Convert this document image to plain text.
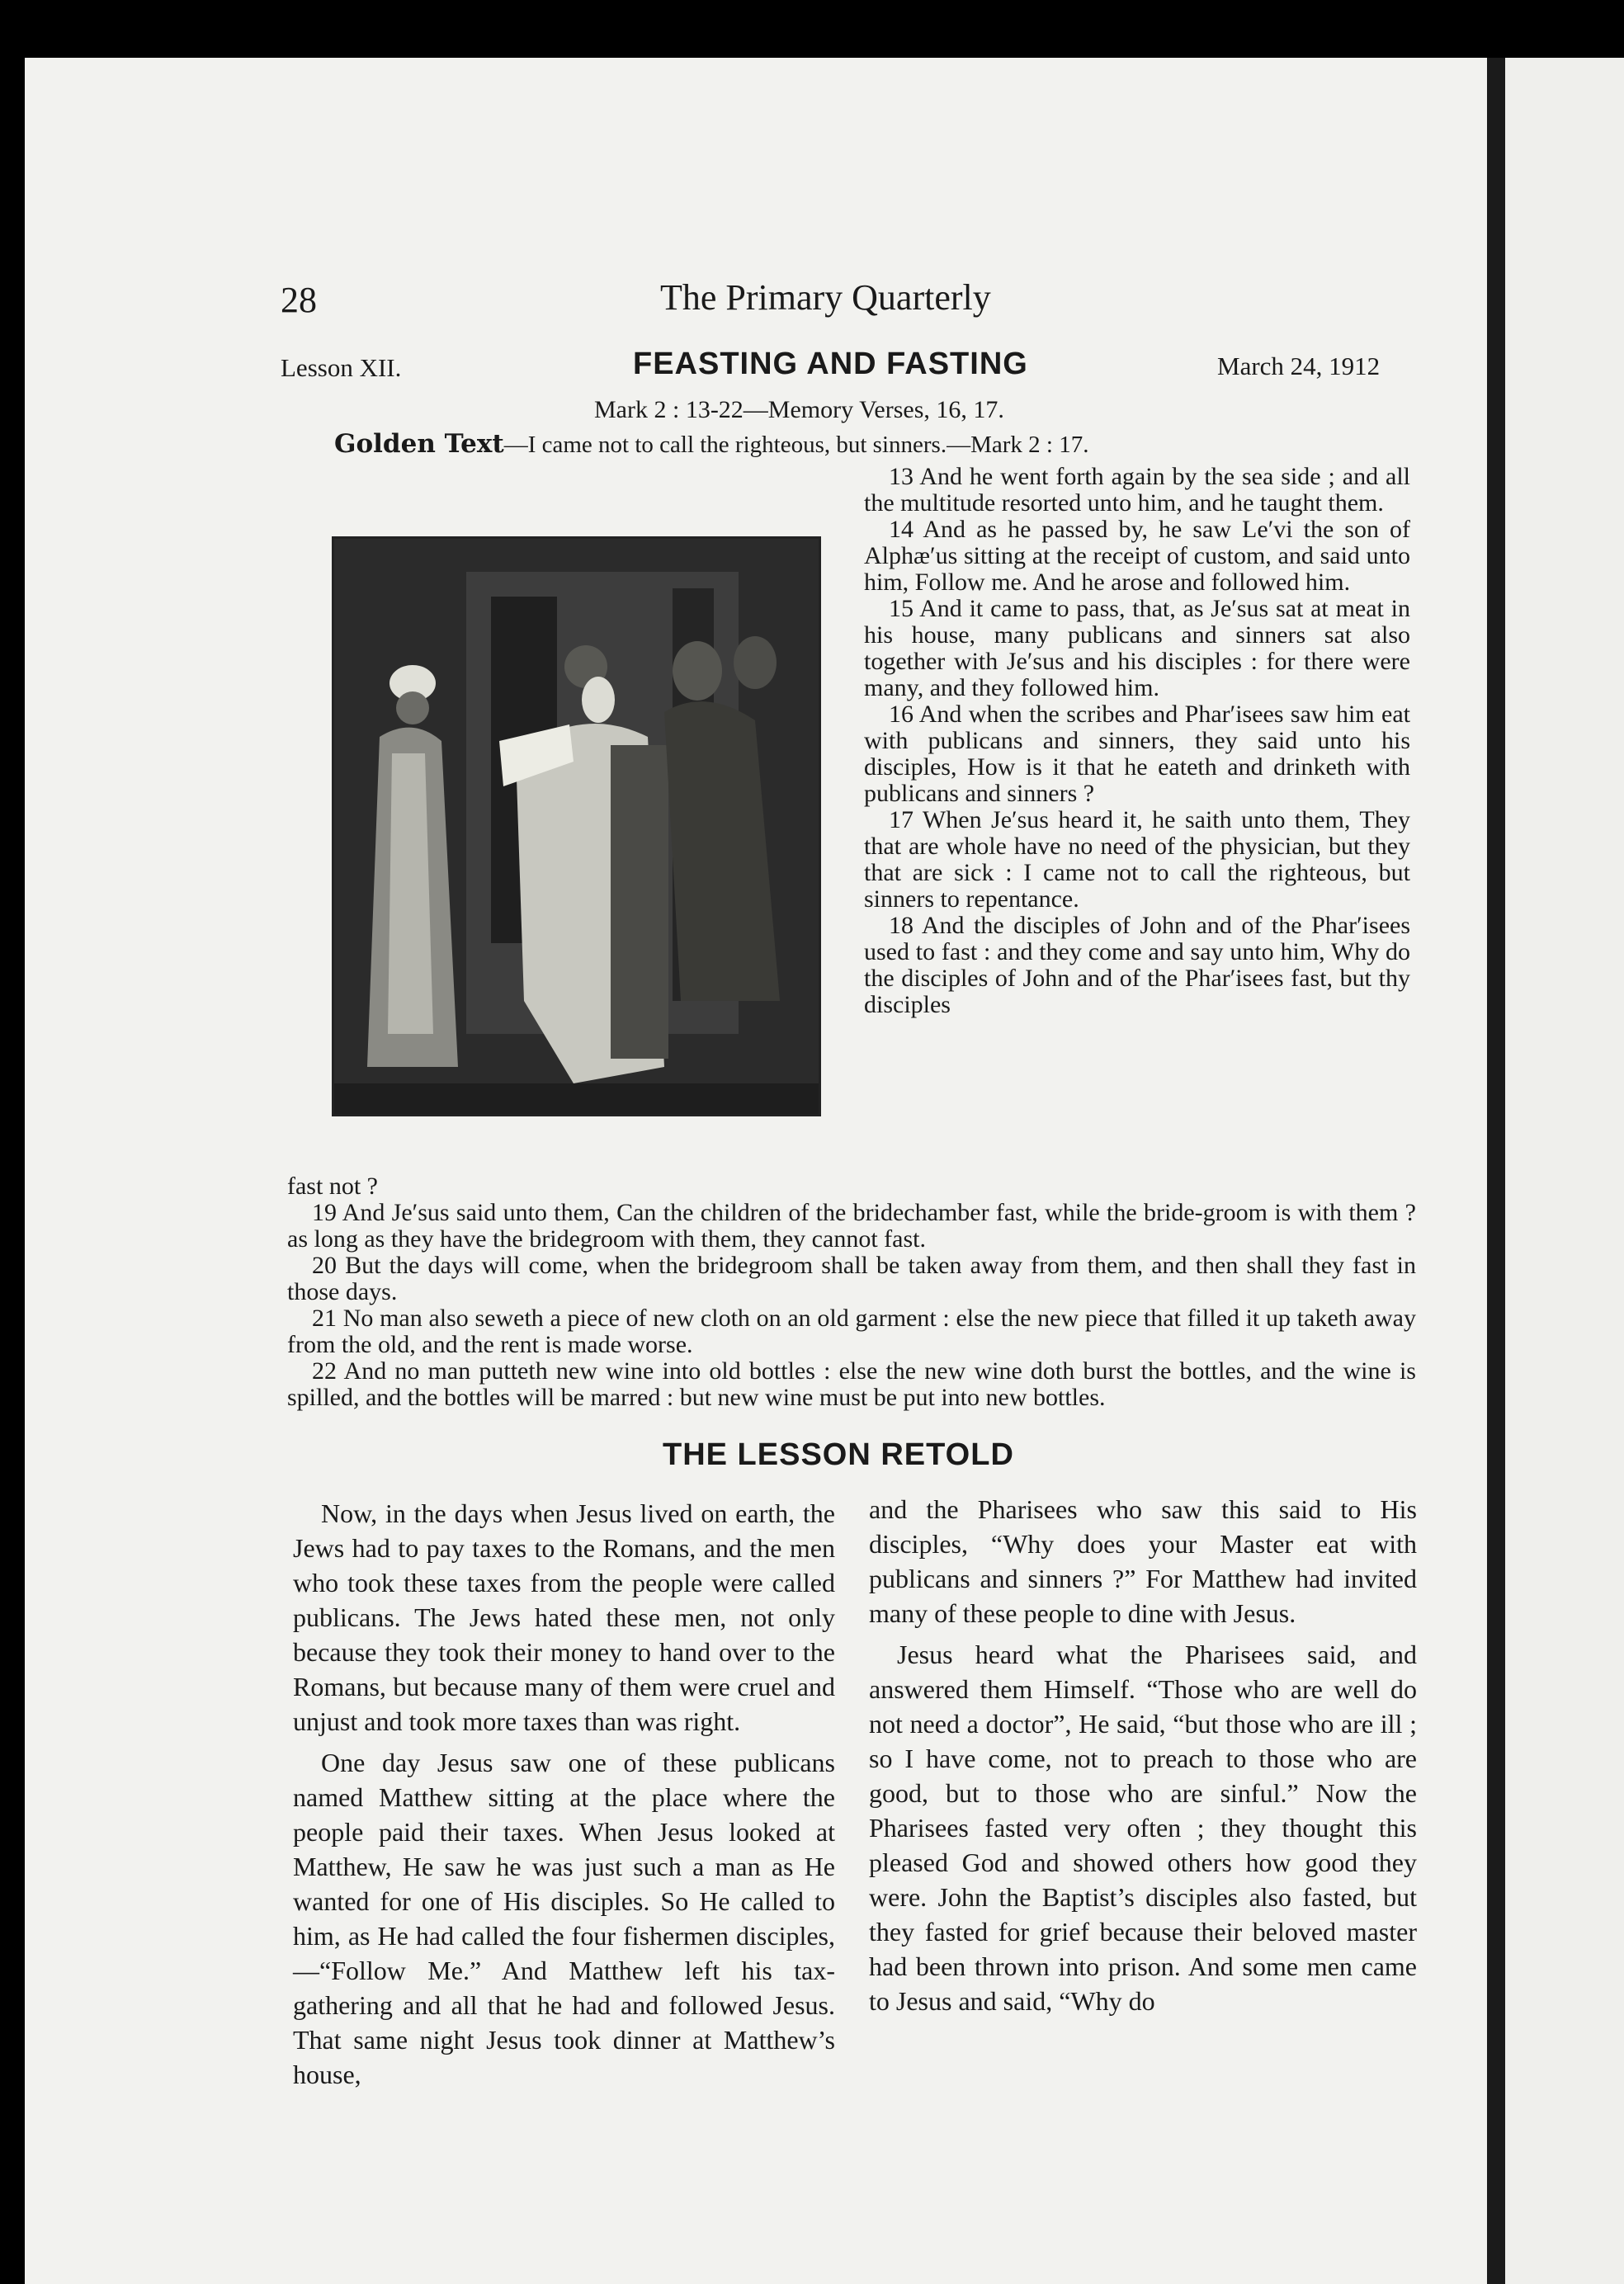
28	The Primary Quarterly
Lesson XII.	FEASTING AND FASTING	March 24, 1912
Mark 2 : 13-22—Memory Verses, 16, 17.
Golden Text—I came not to call the righteous, but sinners.—Mark 2 : 17.

13 And he went forth again by the sea side ; and all the multitude resorted unto him, and he taught them.

14 And as he passed by, he saw Le′vi the son of Alphæ′us sitting at the receipt of custom, and said unto him, Follow me. And he arose and followed him.

15 And it came to pass, that, as Je′sus sat at meat in his house, many publicans and sinners sat also together with Je′sus and his disciples : for there were many, and they followed him.

16 And when the scribes and Phar′isees saw him eat with publicans and sinners, they said unto his disciples, How is it that he eateth and drinketh with publicans and sinners ?

17 When Je′sus heard it, he saith unto them, They that are whole have no need of the physician, but they that are sick : I came not to call the righteous, but sinners to repentance.

18 And the disciples of John and of the Phar′isees used to fast : and they come and say unto him, Why do the disciples of John and of the Phar′isees fast, but thy disciples

fast not ?

19 And Je′sus said unto them, Can the children of the bridechamber fast, while the bride-groom is with them ? as long as they have the bridegroom with them, they cannot fast.

20 But the days will come, when the bridegroom shall be taken away from them, and then shall they fast in those days.

21 No man also seweth a piece of new cloth on an old garment : else the new piece that filled it up taketh away from the old, and the rent is made worse.

22 And no man putteth new wine into old bottles : else the new wine doth burst the bottles, and the wine is spilled, and the bottles will be marred : but new wine must be put into new bottles.

THE LESSON RETOLD

Now, in the days when Jesus lived on earth, the Jews had to pay taxes to the Romans, and the men who took these taxes from the people were called publicans. The Jews hated these men, not only because they took their money to hand over to the Romans, but because many of them were cruel and unjust and took more taxes than was right.

One day Jesus saw one of these publicans named Matthew sitting at the place where the people paid their taxes. When Jesus looked at Matthew, He saw he was just such a man as He wanted for one of His disciples. So He called to him, as He had called the four fishermen disciples,—“Follow Me.” And Matthew left his tax-gathering and all that he had and followed Jesus. That same night Jesus took dinner at Matthew’s house,

and the Pharisees who saw this said to His disciples, “Why does your Master eat with publicans and sinners ?” For Matthew had invited many of these people to dine with Jesus.

Jesus heard what the Pharisees said, and answered them Himself. “Those who are well do not need a doctor”, He said, “but those who are ill ; so I have come, not to preach to those who are good, but to those who are sinful.” Now the Pharisees fasted very often ; they thought this pleased God and showed others how good they were. John the Baptist’s disciples also fasted, but they fasted for grief because their beloved master had been thrown into prison. And some men came to Jesus and said, “Why do
